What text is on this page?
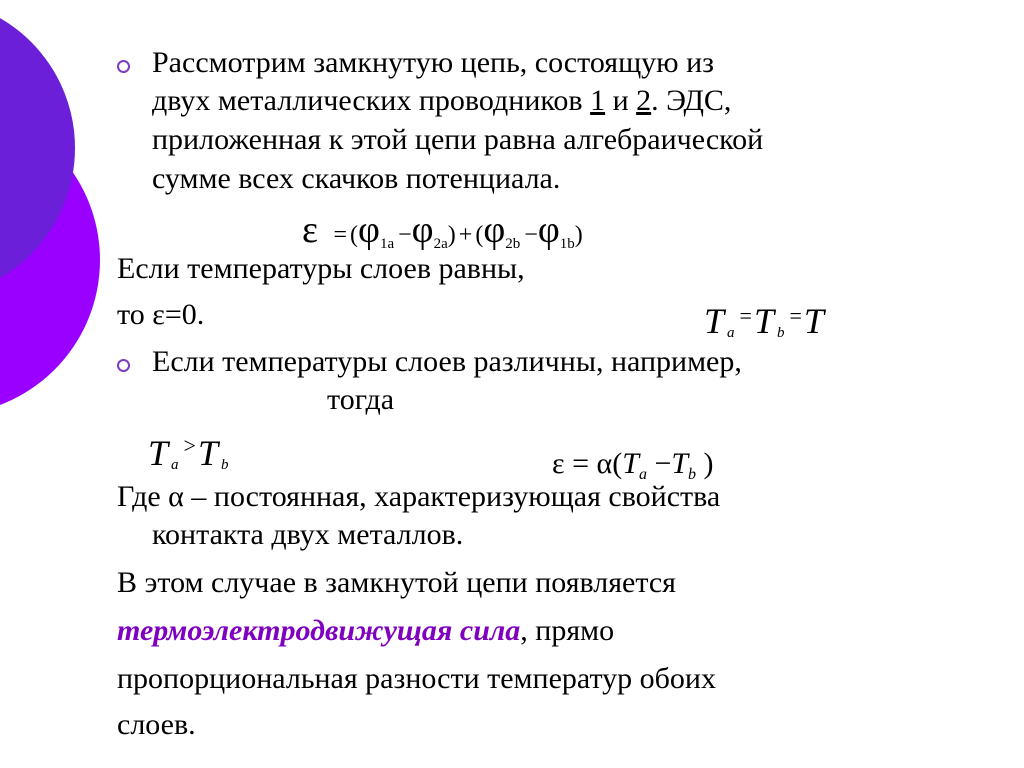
Рассмотрим замкнутую цепь, состоящую из

двух металлических проводников 1 и 2. ЭДС,

приложенная к этой цепи равна алгебраической

сумме всех скачков потенциала.

$\varepsilon = (\varphi_{1a} -\varphi_{2a}) + (\varphi_{2b} -\varphi_{1b})$

Если температуры слоев равны,

то ε=0.	T $_a$=T $_b$=T

Если температуры слоев различны, например,

тогда

T $_a$>T $_b$	$\varepsilon = \alpha(T_a -T_b$ )

Где α – постоянная, характеризующая свойства

контакта двух металлов.

В этом случае в замкнутой цепи появляется

термоэлектродвижущая сила, прямо

пропорциональная разности температур обоих

слоев.
